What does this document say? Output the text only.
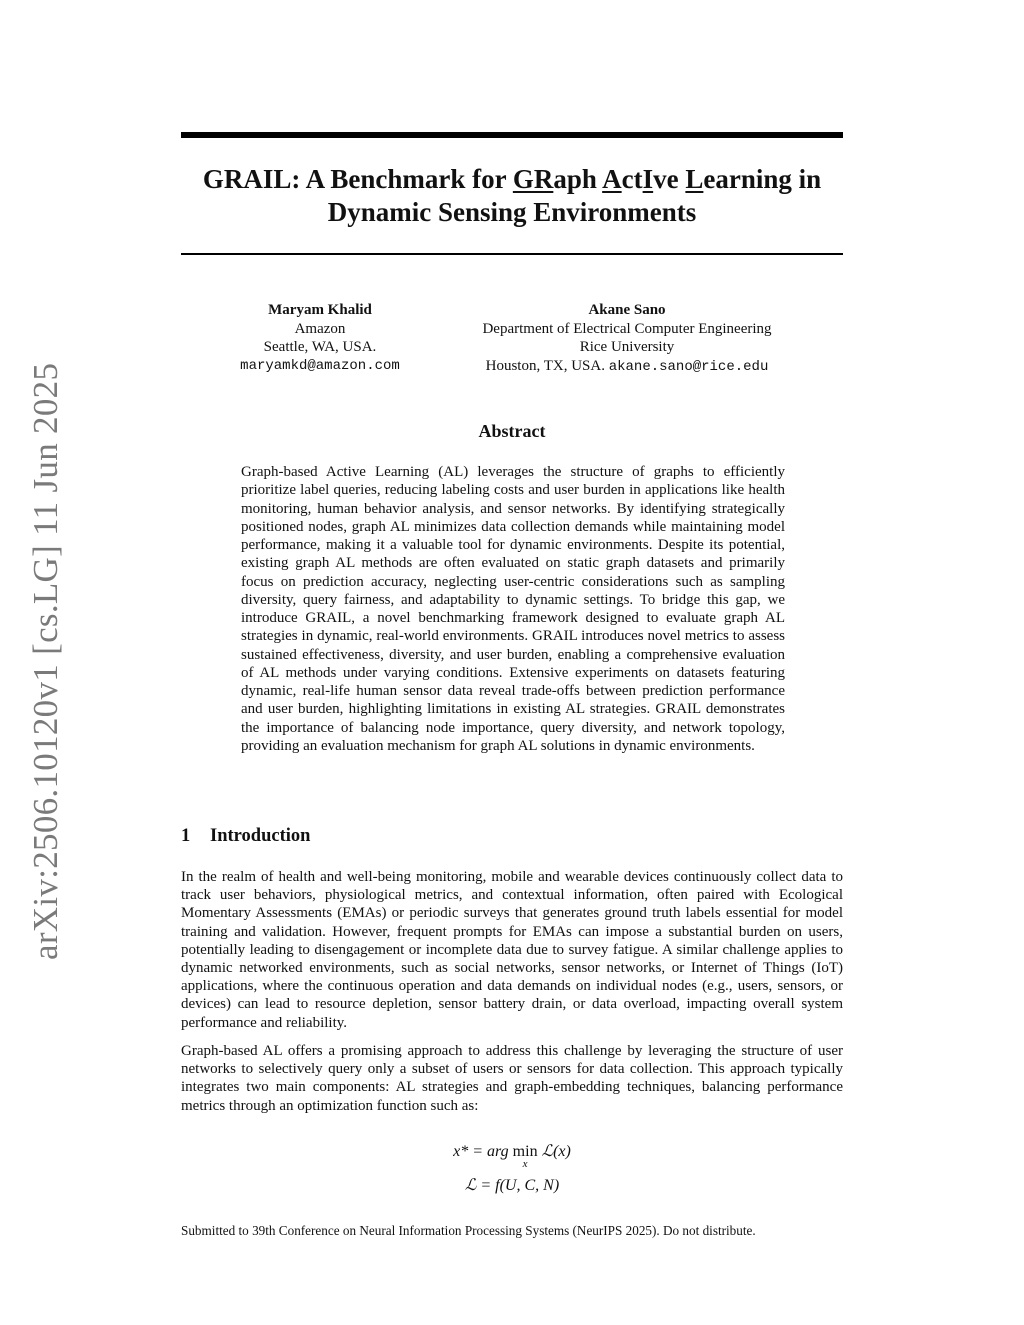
arXiv:2506.10120v1 [cs.LG] 11 Jun 2025
GRAIL: A Benchmark for GRaph ActIve Learning in
Dynamic Sensing Environments
Maryam Khalid
Amazon
Seattle, WA, USA.
maryamkd@amazon.com
Akane Sano
Department of Electrical Computer Engineering
Rice University
Houston, TX, USA. akane.sano@rice.edu
Abstract

Graph-based Active Learning (AL) leverages the structure of graphs to efficiently prioritize label queries, reducing labeling costs and user burden in applications like health monitoring, human behavior analysis, and sensor networks. By identifying strategically positioned nodes, graph AL minimizes data collection demands while maintaining model performance, making it a valuable tool for dynamic environments. Despite its potential, existing graph AL methods are often evaluated on static graph datasets and primarily focus on prediction accuracy, neglecting user-centric considerations such as sampling diversity, query fairness, and adaptability to dynamic settings. To bridge this gap, we introduce GRAIL, a novel benchmarking framework designed to evaluate graph AL strategies in dynamic, real-world environments. GRAIL introduces novel metrics to assess sustained effectiveness, diversity, and user burden, enabling a comprehensive evaluation of AL methods under varying conditions. Extensive experiments on datasets featuring dynamic, real-life human sensor data reveal trade-offs between prediction performance and user burden, highlighting limitations in existing AL strategies. GRAIL demonstrates the importance of balancing node importance, query diversity, and network topology, providing an evaluation mechanism for graph AL solutions in dynamic environments.

1 Introduction

In the realm of health and well-being monitoring, mobile and wearable devices continuously collect data to track user behaviors, physiological metrics, and contextual information, often paired with Ecological Momentary Assessments (EMAs) or periodic surveys that generates ground truth labels essential for model training and validation. However, frequent prompts for EMAs can impose a substantial burden on users, potentially leading to disengagement or incomplete data due to survey fatigue. A similar challenge applies to dynamic networked environments, such as social networks, sensor networks, or Internet of Things (IoT) applications, where the continuous operation and data demands on individual nodes (e.g., users, sensors, or devices) can lead to resource depletion, sensor battery drain, or data overload, impacting overall system performance and reliability.

Graph-based AL offers a promising approach to address this challenge by leveraging the structure of user networks to selectively query only a subset of users or sensors for data collection. This approach typically integrates two main components: AL strategies and graph-embedding techniques, balancing performance metrics through an optimization function such as:

x* = arg min
x
ℒ(x)
ℒ = f(U, C, N)
Submitted to 39th Conference on Neural Information Processing Systems (NeurIPS 2025). Do not distribute.
